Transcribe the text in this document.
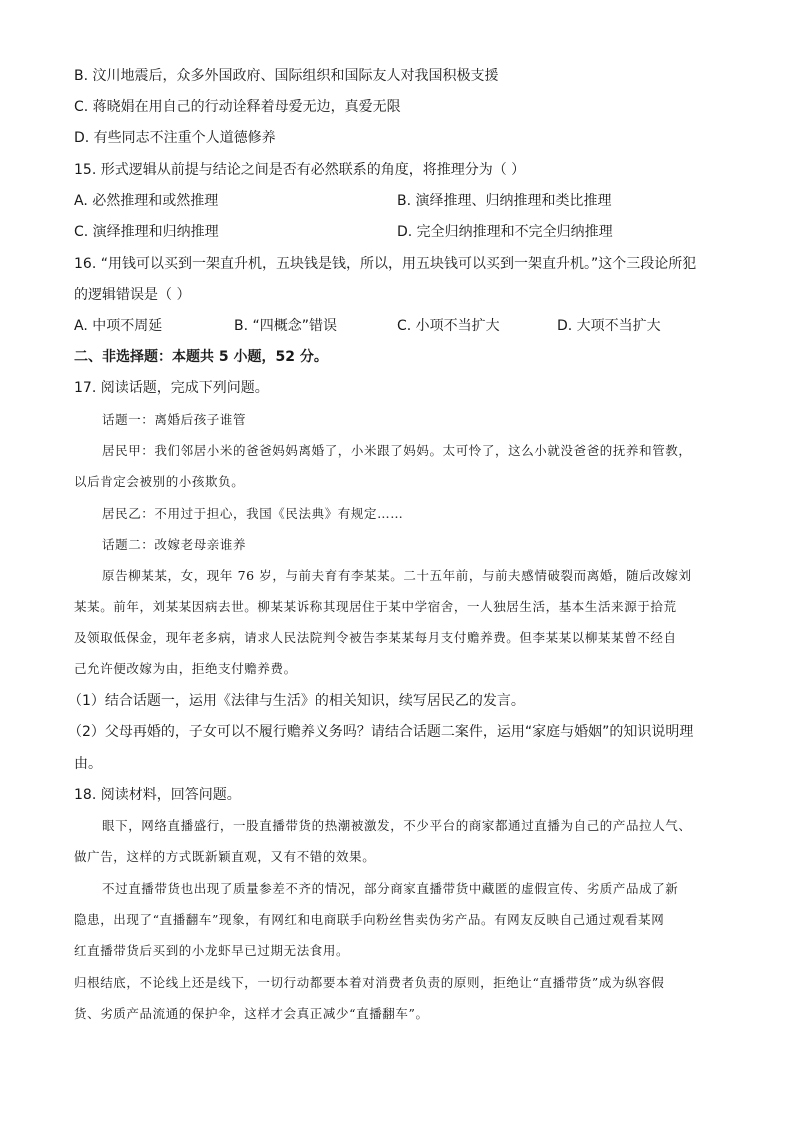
B. 汶川地震后，众多外国政府、国际组织和国际友人对我国积极支援
C. 蒋晓娟在用自己的行动诠释着母爱无边，真爱无限
D. 有些同志不注重个人道德修养
15. 形式逻辑从前提与结论之间是否有必然联系的角度，将推理分为（ ）
A. 必然推理和或然推理	B. 演绎推理、归纳推理和类比推理
C. 演绎推理和归纳推理	D. 完全归纳推理和不完全归纳推理
16. “用钱可以买到一架直升机，五块钱是钱，所以，用五块钱可以买到一架直升机。”这个三段论所犯
的逻辑错误是（ ）
A. 中项不周延	B. “四概念”错误	C. 小项不当扩大	D. 大项不当扩大
二、非选择题：本题共 5 小题，52 分。
17. 阅读话题，完成下列问题。
话题一：离婚后孩子谁管
居民甲：我们邻居小米的爸爸妈妈离婚了，小米跟了妈妈。太可怜了，这么小就没爸爸的抚养和管教，
以后肯定会被别的小孩欺负。
居民乙：不用过于担心，我国《民法典》有规定……
话题二：改嫁老母亲谁养
原告柳某某，女，现年 76 岁，与前夫育有李某某。二十五年前，与前夫感情破裂而离婚，随后改嫁刘
某某。前年，刘某某因病去世。柳某某诉称其现居住于某中学宿舍，一人独居生活，基本生活来源于拾荒
及领取低保金，现年老多病，请求人民法院判令被告李某某每月支付赡养费。但李某某以柳某某曾不经自
己允许便改嫁为由，拒绝支付赡养费。
（1）结合话题一，运用《法律与生活》的相关知识，续写居民乙的发言。
（2）父母再婚的，子女可以不履行赡养义务吗？请结合话题二案件，运用“家庭与婚姻”的知识说明理
由。
18. 阅读材料，回答问题。
眼下，网络直播盛行，一股直播带货的热潮被激发，不少平台的商家都通过直播为自己的产品拉人气、
做广告，这样的方式既新颖直观，又有不错的效果。
不过直播带货也出现了质量参差不齐的情况，部分商家直播带货中藏匿的虚假宣传、劣质产品成了新
隐患，出现了“直播翻车”现象，有网红和电商联手向粉丝售卖伪劣产品。有网友反映自己通过观看某网
红直播带货后买到的小龙虾早已过期无法食用。
归根结底，不论线上还是线下，一切行动都要本着对消费者负责的原则，拒绝让“直播带货”成为纵容假
货、劣质产品流通的保护伞，这样才会真正减少“直播翻车”。
